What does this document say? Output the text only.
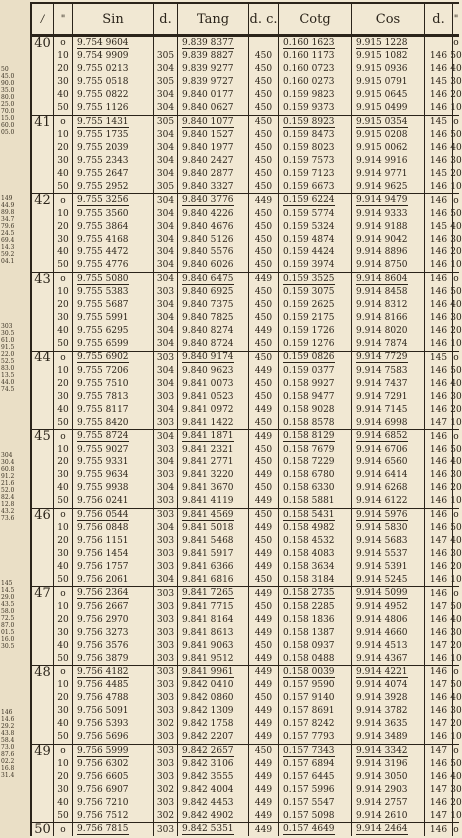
50
45.0
90.0
35.0
80.0
25.0
70.0
15.0
60.0
05.0
149
44.9
89.8
34.7
79.6
24.5
69.4
14.3
59.2
04.1
303
30.5
61.0
91.5
22.0
52.5
83.0
13.5
44.0
74.5
304
30.4
60.8
91.2
21.6
52.0
82.4
12.8
43.2
73.6
145
14.5
29.0
43.5
58.0
72.5
87.0
01.5
16.0
30.5
146
14.6
29.2
43.8
58.4
73.0
87.6
02.2
16.8
31.4
/	"	Sin	d.	Tang	d. c.	Cotg	Cos	d. "
40 o 9.754 9604	9.839 8377	0.160 1623 9.915 1228	o
10 9.754 9909	305 9.839 8827 450 0.160 1173 9.915 1082 146 50
20 9.755 0213	304 9.839 9277 450 0.160 0723 9.915 0936 146 40
30 9.755 0518	305 9.839 9727 450 0.160 0273 9.915 0791 145 30
40 9.755 0822	304 9.840 0177 450 0.159 9823 9.915 0645 146 20
50 9.755 1126	304 9.840 0627 450 0.159 9373 9.915 0499 146 10
41 o 9.755 1431	305 9.840 1077 450 0.159 8923 9.915 0354 145 o
10 9.755 1735	304 9.840 1527 450 0.159 8473 9.915 0208 146 50
20 9.755 2039	304 9.840 1977 450 0.159 8023 9.915 0062 146 40
30 9.755 2343	304 9.840 2427 450 0.159 7573 9.914 9916 146 30
40 9.755 2647	304 9.840 2877 450 0.159 7123 9.914 9771 145 20
50 9.755 2952	305 9.840 3327 450 0.159 6673 9.914 9625 146 10
42 o 9.755 3256	304 9.840 3776 449 0.159 6224 9.914 9479 146 o
10 9.755 3560	304 9.840 4226 450 0.159 5774 9.914 9333 146 50
20 9.755 3864	304 9.840 4676 450 0.159 5324 9.914 9188 145 40
30 9.755 4168	304 9.840 5126 450 0.159 4874 9.914 9042 146 30
40 9.755 4472	304 9.840 5576 450 0.159 4424 9.914 8896 146 20
50 9.755 4776	304 9.840 6026 450 0.159 3974 9.914 8750 146 10
43 o 9.755 5080	304 9.840 6475 449 0.159 3525 9.914 8604 146 o
10 9.755 5383	303 9.840 6925 450 0.159 3075 9.914 8458 146 50
20 9.755 5687	304 9.840 7375 450 0.159 2625 9.914 8312 146 40
30 9.755 5991	304 9.840 7825 450 0.159 2175 9.914 8166 146 30
40 9.755 6295	304 9.840 8274 449 0.159 1726 9.914 8020 146 20
50 9.755 6599	304 9.840 8724 450 0.159 1276 9.914 7874 146 10
44 o 9.755 6902	303 9.840 9174 450 0.159 0826 9.914 7729 145 o
10 9.755 7206	304 9.840 9623 449 0.159 0377 9.914 7583 146 50
20 9.755 7510	304 9.841 0073 450 0.158 9927 9.914 7437 146 40
30 9.755 7813	303 9.841 0523 450 0.158 9477 9.914 7291 146 30
40 9.755 8117	304 9.841 0972 449 0.158 9028 9.914 7145 146 20
50 9.755 8420	303 9.841 1422 450 0.158 8578 9.914 6998 147 10
45 o 9.755 8724	304 9.841 1871 449 0.158 8129 9.914 6852 146 o
10 9.755 9027	303 9.841 2321 450 0.158 7679 9.914 6706 146 50
20 9.755 9331	304 9.841 2771 450 0.158 7229 9.914 6560 146 40
30 9.755 9634	303 9.841 3220 449 0.158 6780 9.914 6414 146 30
40 9.755 9938	304 9.841 3670 450 0.158 6330 9.914 6268 146 20
50 9.756 0241	303 9.841 4119 449 0.158 5881 9.914 6122 146 10
46 o 9.756 0544	303 9.841 4569 450 0.158 5431 9.914 5976 146 o
10 9.756 0848	304 9.841 5018 449 0.158 4982 9.914 5830 146 50
20 9.756 1151	303 9.841 5468 450 0.158 4532 9.914 5683 147 40
30 9.756 1454	303 9.841 5917 449 0.158 4083 9.914 5537 146 30
40 9.756 1757	303 9.841 6366 449 0.158 3634 9.914 5391 146 20
50 9.756 2061	304 9.841 6816 450 0.158 3184 9.914 5245 146 10
47 o 9.756 2364	303 9.841 7265 449 0.158 2735 9.914 5099 146 o
10 9.756 2667	303 9.841 7715 450 0.158 2285 9.914 4952 147 50
20 9.756 2970	303 9.841 8164 449 0.158 1836 9.914 4806 146 40
30 9.756 3273	303 9.841 8613 449 0.158 1387 9.914 4660 146 30
40 9.756 3576	303 9.841 9063 450 0.158 0937 9.914 4513 147 20
50 9.756 3879	303 9.841 9512 449 0.158 0488 9.914 4367 146 10
48 o 9.756 4182	303 9.841 9961 449 0.158 0039 9.914 4221 146 o
10 9.756 4485	303 9.842 0410 449 0.157 9590 9.914 4074 147 50
20 9.756 4788	303 9.842 0860 450 0.157 9140 9.914 3928 146 40
30 9.756 5091	303 9.842 1309 449 0.157 8691 9.914 3782 146 30
40 9.756 5393	302 9.842 1758 449 0.157 8242 9.914 3635 147 20
50 9.756 5696	303 9.842 2207 449 0.157 7793 9.914 3489 146 10
49 o 9.756 5999	303 9.842 2657 450 0.157 7343 9.914 3342 147 o
10 9.756 6302	303 9.842 3106 449 0.157 6894 9.914 3196 146 50
20 9.756 6605	303 9.842 3555 449 0.157 6445 9.914 3050 146 40
30 9.756 6907	302 9.842 4004 449 0.157 5996 9.914 2903 147 30
40 9.756 7210	303 9.842 4453 449 0.157 5547 9.914 2757 146 20
50 9.756 7512	302 9.842 4902 449 0.157 5098 9.914 2610 147 10
50 o 9.756 7815	303 9.842 5351 449 0.157 4649 9.914 2464 146 o
